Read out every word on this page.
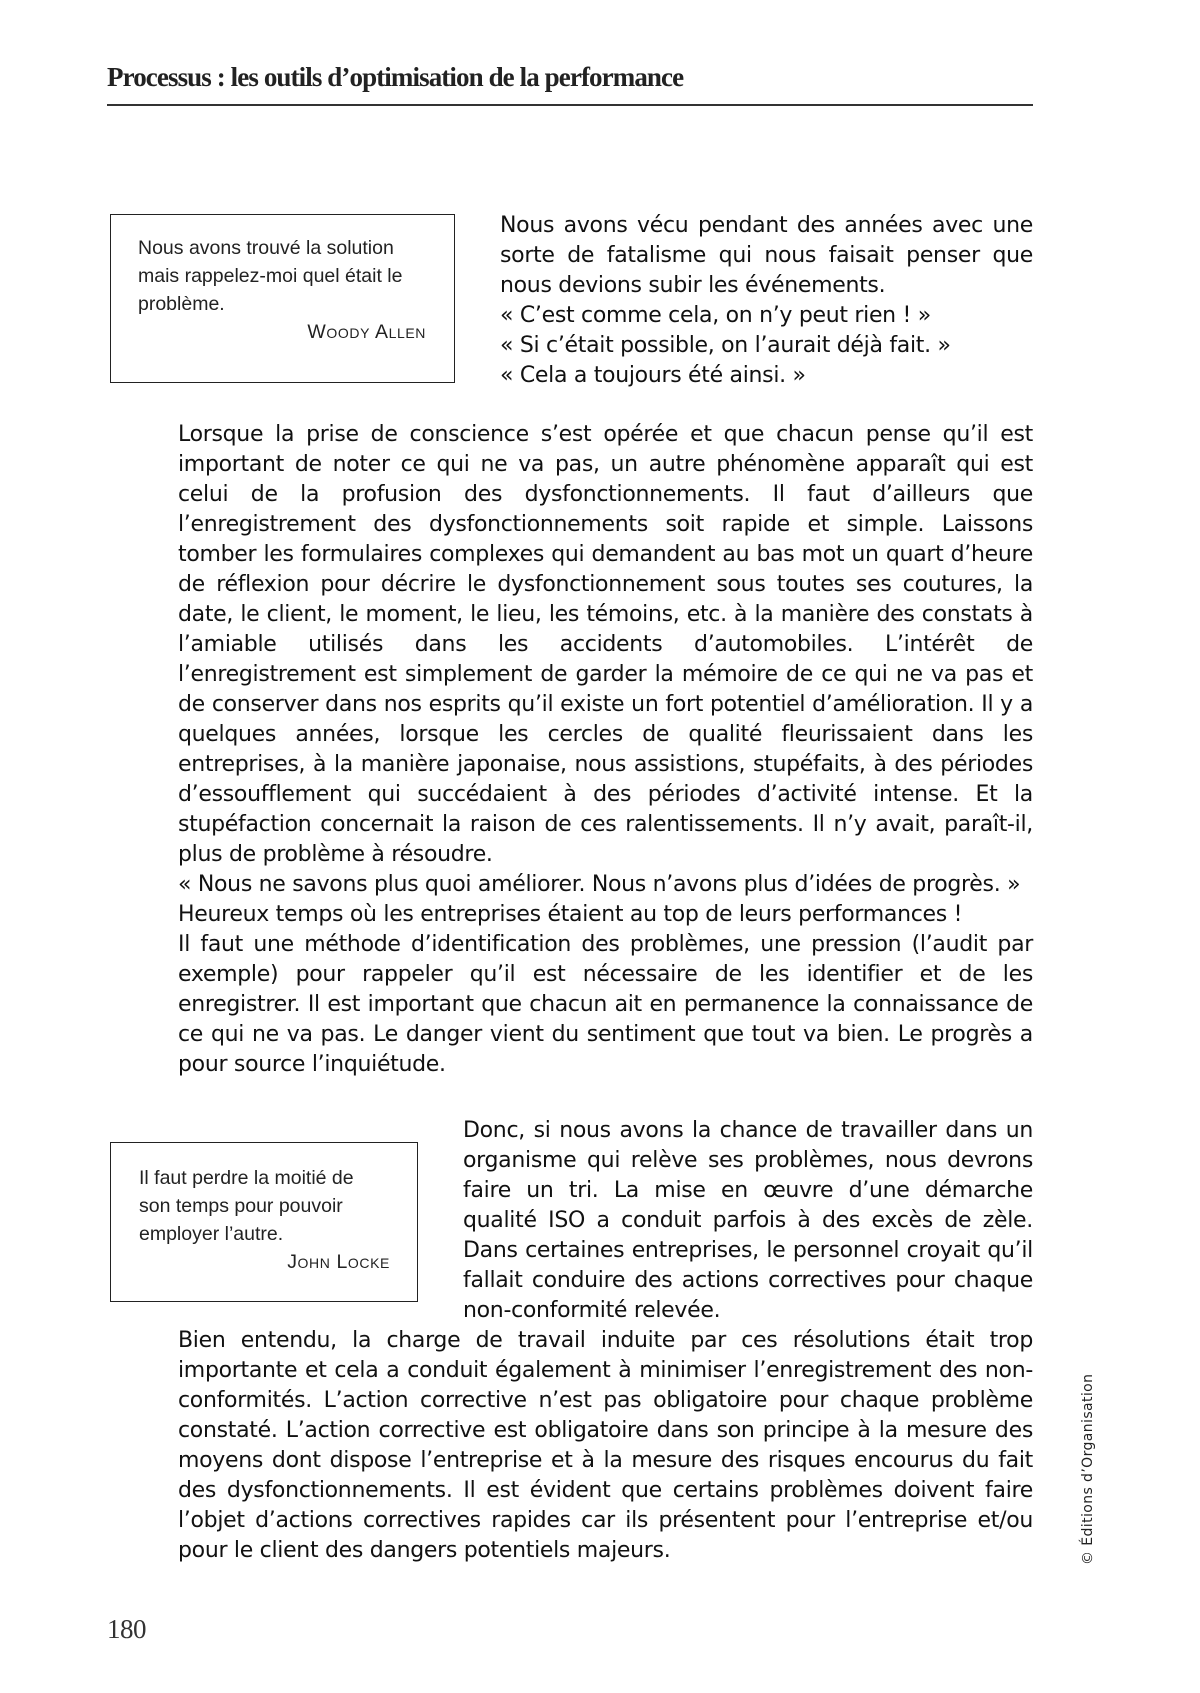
Processus : les outils d’optimisation de la performance

Nous avons trouvé la solution mais rappelez-moi quel était le problème.

Woody Allen

Nous avons vécu pendant des années avec une sorte de fatalisme qui nous faisait penser que nous devions subir les événements.

« C’est comme cela, on n’y peut rien ! »

« Si c’était possible, on l’aurait déjà fait. »

« Cela a toujours été ainsi. »

Lorsque la prise de conscience s’est opérée et que chacun pense qu’il est important de noter ce qui ne va pas, un autre phénomène apparaît qui est celui de la profusion des dysfonctionnements. Il faut d’ailleurs que l’enregistrement des dysfonctionnements soit rapide et simple. Laissons tomber les formulaires complexes qui demandent au bas mot un quart d’heure de réflexion pour décrire le dysfonctionnement sous toutes ses coutures, la date, le client, le moment, le lieu, les témoins, etc. à la manière des constats à l’amiable utilisés dans les accidents d’automobiles. L’intérêt de l’enregistrement est simplement de garder la mémoire de ce qui ne va pas et de conserver dans nos esprits qu’il existe un fort potentiel d’amélioration. Il y a quelques années, lorsque les cercles de qualité fleurissaient dans les entreprises, à la manière japonaise, nous assistions, stupéfaits, à des périodes d’essoufflement qui succédaient à des périodes d’activité intense. Et la stupéfaction concernait la raison de ces ralentissements. Il n’y avait, paraît-il, plus de problème à résoudre.

« Nous ne savons plus quoi améliorer. Nous n’avons plus d’idées de progrès. »

Heureux temps où les entreprises étaient au top de leurs performances !

Il faut une méthode d’identification des problèmes, une pression (l’audit par exemple) pour rappeler qu’il est nécessaire de les identifier et de les enregistrer. Il est important que chacun ait en permanence la connaissance de ce qui ne va pas. Le danger vient du sentiment que tout va bien. Le progrès a pour source l’inquiétude.

Il faut perdre la moitié de son temps pour pouvoir employer l’autre.

John Locke

Donc, si nous avons la chance de travailler dans un organisme qui relève ses problèmes, nous devrons faire un tri. La mise en œuvre d’une démarche qualité ISO a conduit parfois à des excès de zèle. Dans certaines entreprises, le personnel croyait qu’il fallait conduire des actions correctives pour chaque non-conformité relevée.

Bien entendu, la charge de travail induite par ces résolutions était trop importante et cela a conduit également à minimiser l’enregistrement des non-conformités. L’action corrective n’est pas obligatoire pour chaque problème constaté. L’action corrective est obligatoire dans son principe à la mesure des moyens dont dispose l’entreprise et à la mesure des risques encourus du fait des dysfonctionnements. Il est évident que certains problèmes doivent faire l’objet d’actions correctives rapides car ils présentent pour l’entreprise et/ou pour le client des dangers potentiels majeurs.

180
© Éditions d’Organisation
